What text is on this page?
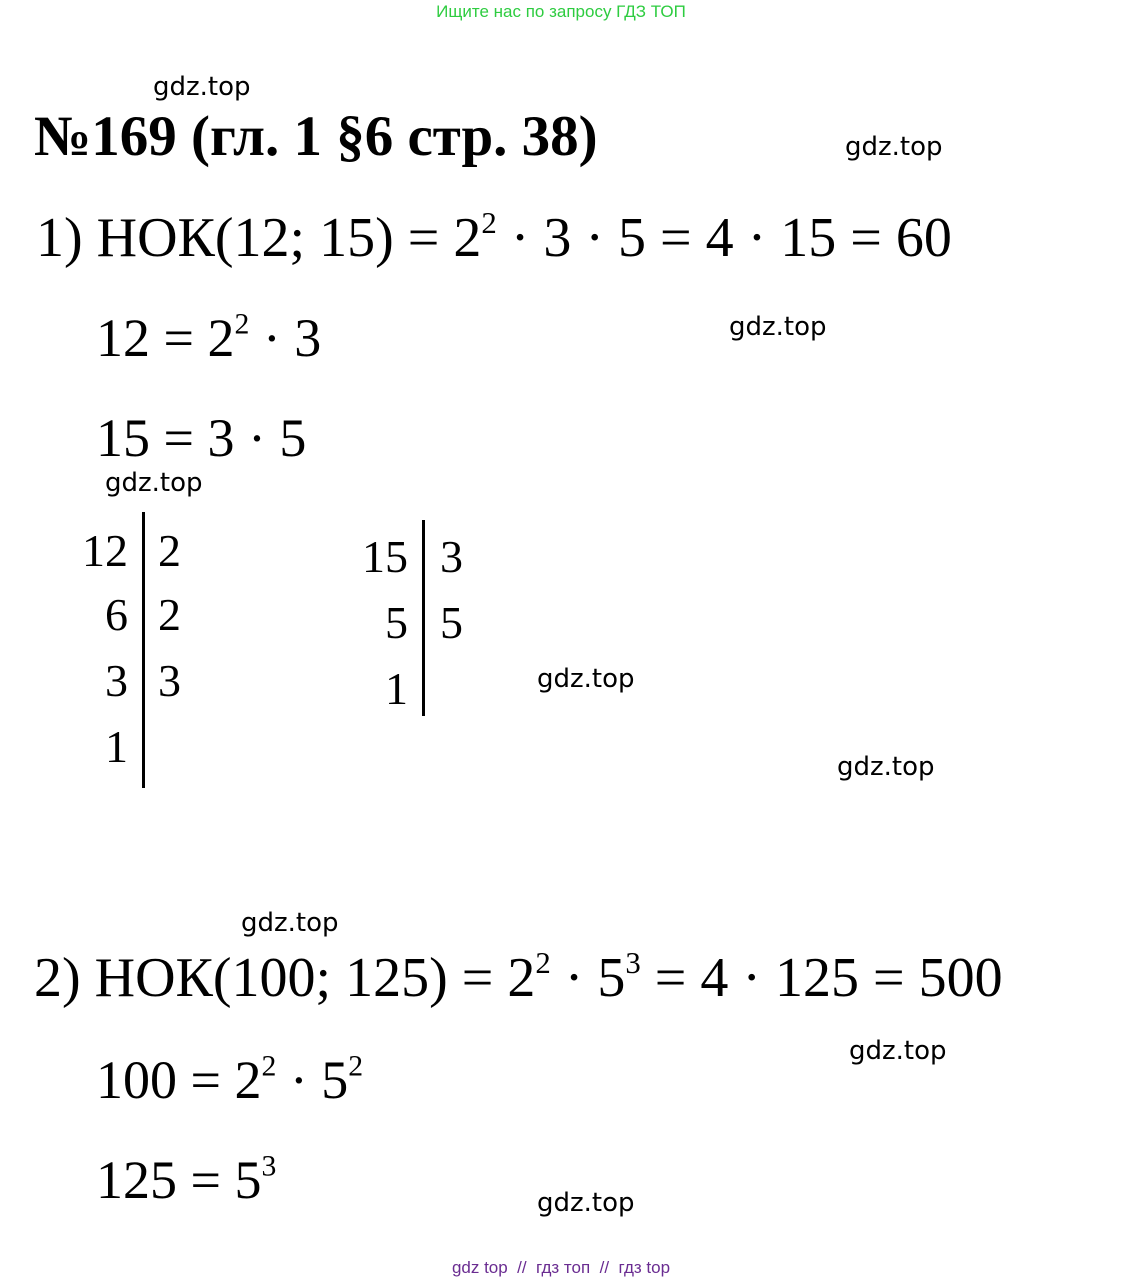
Ищите нас по запросу ГДЗ ТОП
gdz.top
gdz.top
gdz.top
gdz.top
gdz.top
gdz.top
gdz.top
gdz.top
gdz.top
№169 (гл. 1 §6 стр. 38)
1) НОК(12; $15) = 2^2 \cdot 3 \cdot 5 = 4 \cdot 15 = 60$
$12 = 2^2 \cdot 3$
15 = 3 · 5
12
6
3
1
2
2
3
15
5
1
3
5
2) НОК(100; $125) = 2^2 \cdot 5^3 = 4 \cdot 125 = 500$
$100 = 2^2 \cdot 5^2$
$125 = 5^3$
gdz top  //  гдз топ  //  гдз top
